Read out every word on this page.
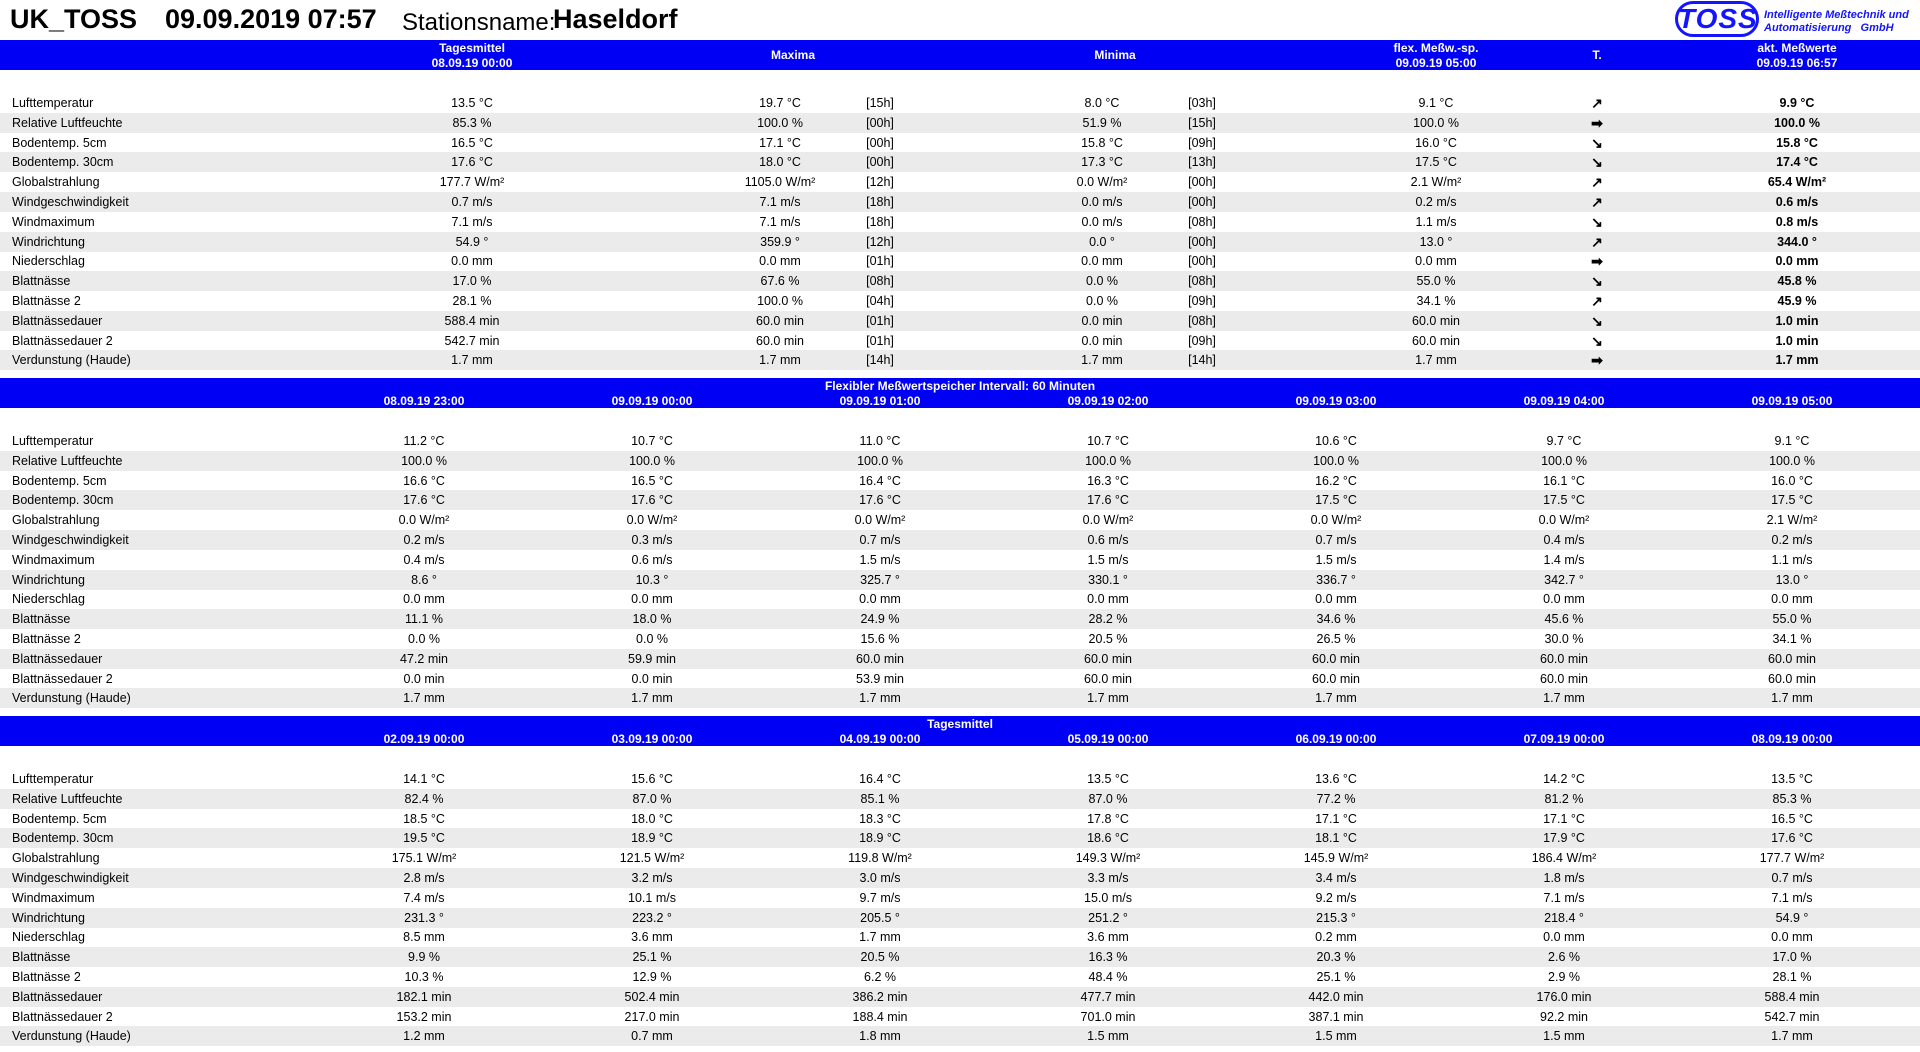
UK_TOSS 09.09.2019 07:57 Stationsname:
Haseldorf	TOSS Intelligente Meßtechnik und
Automatisierung   GmbH
Tagesmittel
08.09.19 00:00
Maxima	Minima	flex. Meßw.-sp.
09.09.19 05:00
T.	akt. Meßwerte
09.09.19 06:57
Lufttemperatur	13.5 °C	19.7 °C	[15h]	8.0 °C	[03h]	9.1 °C	↗	9.9 °C
Relative Luftfeuchte	85.3 %	100.0 %	[00h]	51.9 %	[15h]	100.0 %	➡	100.0 %
Bodentemp. 5cm	16.5 °C	17.1 °C	[00h]	15.8 °C	[09h]	16.0 °C	↘	15.8 °C
Bodentemp. 30cm	17.6 °C	18.0 °C	[00h]	17.3 °C	[13h]	17.5 °C	↘	17.4 °C
Globalstrahlung	177.7 W/m²	1105.0 W/m²	[12h]	0.0 W/m²	[00h]	2.1 W/m²	↗	65.4 W/m²
Windgeschwindigkeit	0.7 m/s	7.1 m/s	[18h]	0.0 m/s	[00h]	0.2 m/s	↗	0.6 m/s
Windmaximum	7.1 m/s	7.1 m/s	[18h]	0.0 m/s	[08h]	1.1 m/s	↘	0.8 m/s
Windrichtung	54.9 °	359.9 °	[12h]	0.0 °	[00h]	13.0 °	↗	344.0 °
Niederschlag	0.0 mm	0.0 mm	[01h]	0.0 mm	[00h]	0.0 mm	➡	0.0 mm
Blattnässe	17.0 %	67.6 %	[08h]	0.0 %	[08h]	55.0 %	↘	45.8 %
Blattnässe 2	28.1 %	100.0 %	[04h]	0.0 %	[09h]	34.1 %	↗	45.9 %
Blattnässedauer	588.4 min	60.0 min	[01h]	0.0 min	[08h]	60.0 min	↘	1.0 min
Blattnässedauer 2	542.7 min	60.0 min	[01h]	0.0 min	[09h]	60.0 min	↘	1.0 min
Verdunstung (Haude)	1.7 mm	1.7 mm	[14h]	1.7 mm	[14h]	1.7 mm	➡	1.7 mm
Flexibler Meßwertspeicher Intervall: 60 Minuten
08.09.19 23:00	09.09.19 00:00	09.09.19 01:00	09.09.19 02:00	09.09.19 03:00	09.09.19 04:00	09.09.19 05:00
Lufttemperatur	11.2 °C	10.7 °C	11.0 °C	10.7 °C	10.6 °C	9.7 °C	9.1 °C
Relative Luftfeuchte	100.0 %	100.0 %	100.0 %	100.0 %	100.0 %	100.0 %	100.0 %
Bodentemp. 5cm	16.6 °C	16.5 °C	16.4 °C	16.3 °C	16.2 °C	16.1 °C	16.0 °C
Bodentemp. 30cm	17.6 °C	17.6 °C	17.6 °C	17.6 °C	17.5 °C	17.5 °C	17.5 °C
Globalstrahlung	0.0 W/m²	0.0 W/m²	0.0 W/m²	0.0 W/m²	0.0 W/m²	0.0 W/m²	2.1 W/m²
Windgeschwindigkeit	0.2 m/s	0.3 m/s	0.7 m/s	0.6 m/s	0.7 m/s	0.4 m/s	0.2 m/s
Windmaximum	0.4 m/s	0.6 m/s	1.5 m/s	1.5 m/s	1.5 m/s	1.4 m/s	1.1 m/s
Windrichtung	8.6 °	10.3 °	325.7 °	330.1 °	336.7 °	342.7 °	13.0 °
Niederschlag	0.0 mm	0.0 mm	0.0 mm	0.0 mm	0.0 mm	0.0 mm	0.0 mm
Blattnässe	11.1 %	18.0 %	24.9 %	28.2 %	34.6 %	45.6 %	55.0 %
Blattnässe 2	0.0 %	0.0 %	15.6 %	20.5 %	26.5 %	30.0 %	34.1 %
Blattnässedauer	47.2 min	59.9 min	60.0 min	60.0 min	60.0 min	60.0 min	60.0 min
Blattnässedauer 2	0.0 min	0.0 min	53.9 min	60.0 min	60.0 min	60.0 min	60.0 min
Verdunstung (Haude)	1.7 mm	1.7 mm	1.7 mm	1.7 mm	1.7 mm	1.7 mm	1.7 mm
Tagesmittel
02.09.19 00:00	03.09.19 00:00	04.09.19 00:00	05.09.19 00:00	06.09.19 00:00	07.09.19 00:00	08.09.19 00:00
Lufttemperatur	14.1 °C	15.6 °C	16.4 °C	13.5 °C	13.6 °C	14.2 °C	13.5 °C
Relative Luftfeuchte	82.4 %	87.0 %	85.1 %	87.0 %	77.2 %	81.2 %	85.3 %
Bodentemp. 5cm	18.5 °C	18.0 °C	18.3 °C	17.8 °C	17.1 °C	17.1 °C	16.5 °C
Bodentemp. 30cm	19.5 °C	18.9 °C	18.9 °C	18.6 °C	18.1 °C	17.9 °C	17.6 °C
Globalstrahlung	175.1 W/m²	121.5 W/m²	119.8 W/m²	149.3 W/m²	145.9 W/m²	186.4 W/m²	177.7 W/m²
Windgeschwindigkeit	2.8 m/s	3.2 m/s	3.0 m/s	3.3 m/s	3.4 m/s	1.8 m/s	0.7 m/s
Windmaximum	7.4 m/s	10.1 m/s	9.7 m/s	15.0 m/s	9.2 m/s	7.1 m/s	7.1 m/s
Windrichtung	231.3 °	223.2 °	205.5 °	251.2 °	215.3 °	218.4 °	54.9 °
Niederschlag	8.5 mm	3.6 mm	1.7 mm	3.6 mm	0.2 mm	0.0 mm	0.0 mm
Blattnässe	9.9 %	25.1 %	20.5 %	16.3 %	20.3 %	2.6 %	17.0 %
Blattnässe 2	10.3 %	12.9 %	6.2 %	48.4 %	25.1 %	2.9 %	28.1 %
Blattnässedauer	182.1 min	502.4 min	386.2 min	477.7 min	442.0 min	176.0 min	588.4 min
Blattnässedauer 2	153.2 min	217.0 min	188.4 min	701.0 min	387.1 min	92.2 min	542.7 min
Verdunstung (Haude)	1.2 mm	0.7 mm	1.8 mm	1.5 mm	1.5 mm	1.5 mm	1.7 mm
